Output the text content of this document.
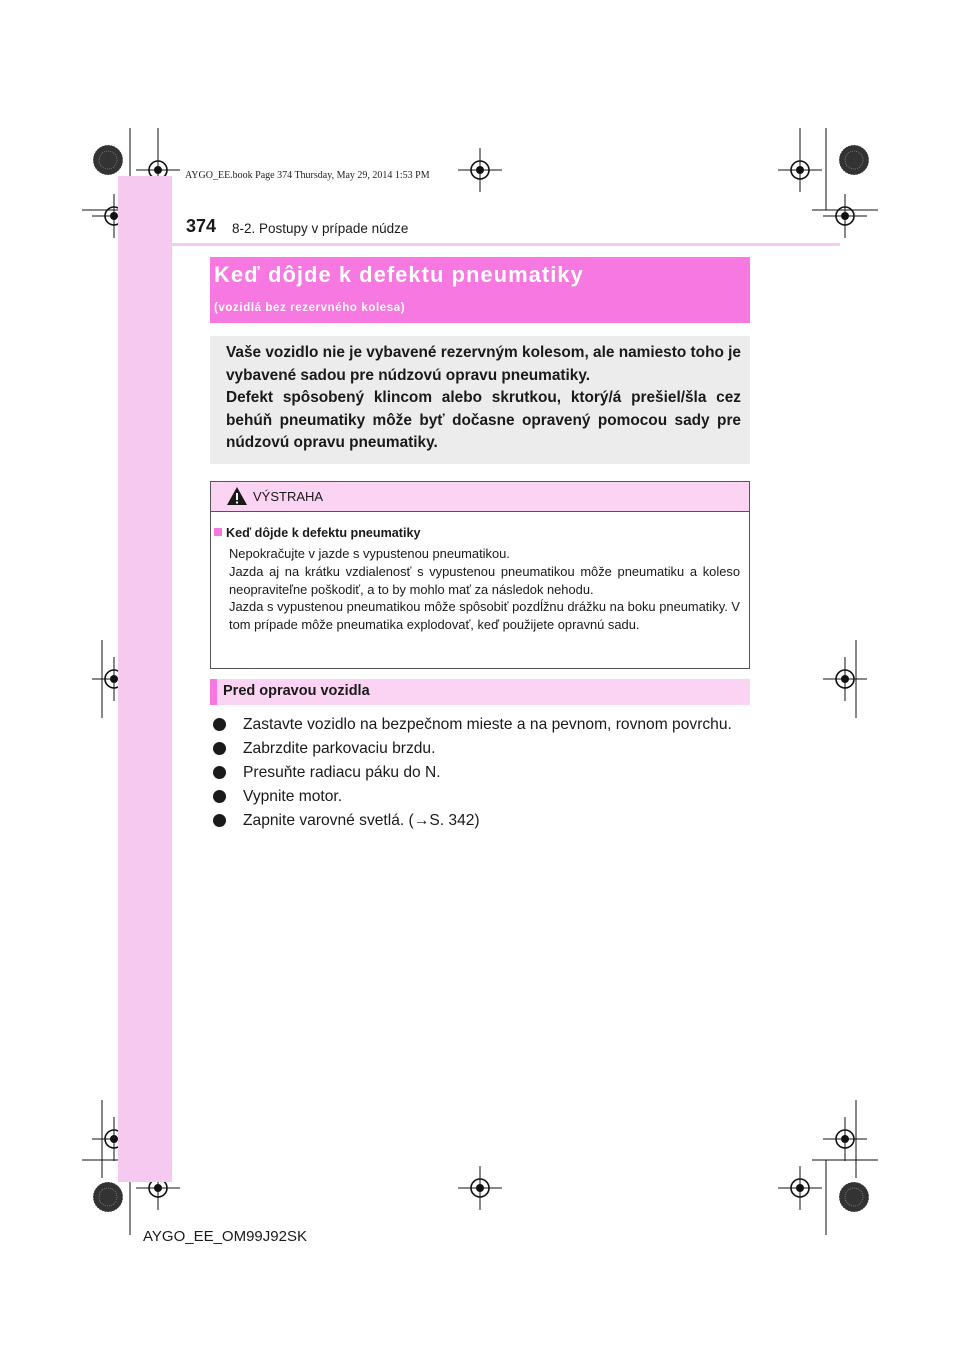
AYGO_EE.book Page 374 Thursday, May 29, 2014 1:53 PM
374 8-2. Postupy v prípade núdze
Keď dôjde k defektu pneumatiky
(vozidlá bez rezervného kolesa)

Vaše vozidlo nie je vybavené rezervným kolesom, ale namiesto toho je vybavené sadou pre núdzovú opravu pneumatiky.

Defekt spôsobený klincom alebo skrutkou, ktorý/á prešiel/šla cez behúň pneumatiky môže byť dočasne opravený pomocou sady pre núdzovú opravu pneumatiky.

VÝSTRAHA
Keď dôjde k defektu pneumatiky

Nepokračujte v jazde s vypustenou pneumatikou.

Jazda aj na krátku vzdialenosť s vypustenou pneumatikou môže pneumatiku a koleso neopraviteľne poškodiť, a to by mohlo mať za následok nehodu.

Jazda s vypustenou pneumatikou môže spôsobiť pozdĺžnu drážku na boku pneumatiky. V tom prípade môže pneumatika explodovať, keď použijete opravnú sadu.

Pred opravou vozidla
Zastavte vozidlo na bezpečnom mieste a na pevnom, rovnom povrchu.
Zabrzdite parkovaciu brzdu.
Presuňte radiacu páku do N.
Vypnite motor.
Zapnite varovné svetlá. (→S. 342)
AYGO_EE_OM99J92SK
